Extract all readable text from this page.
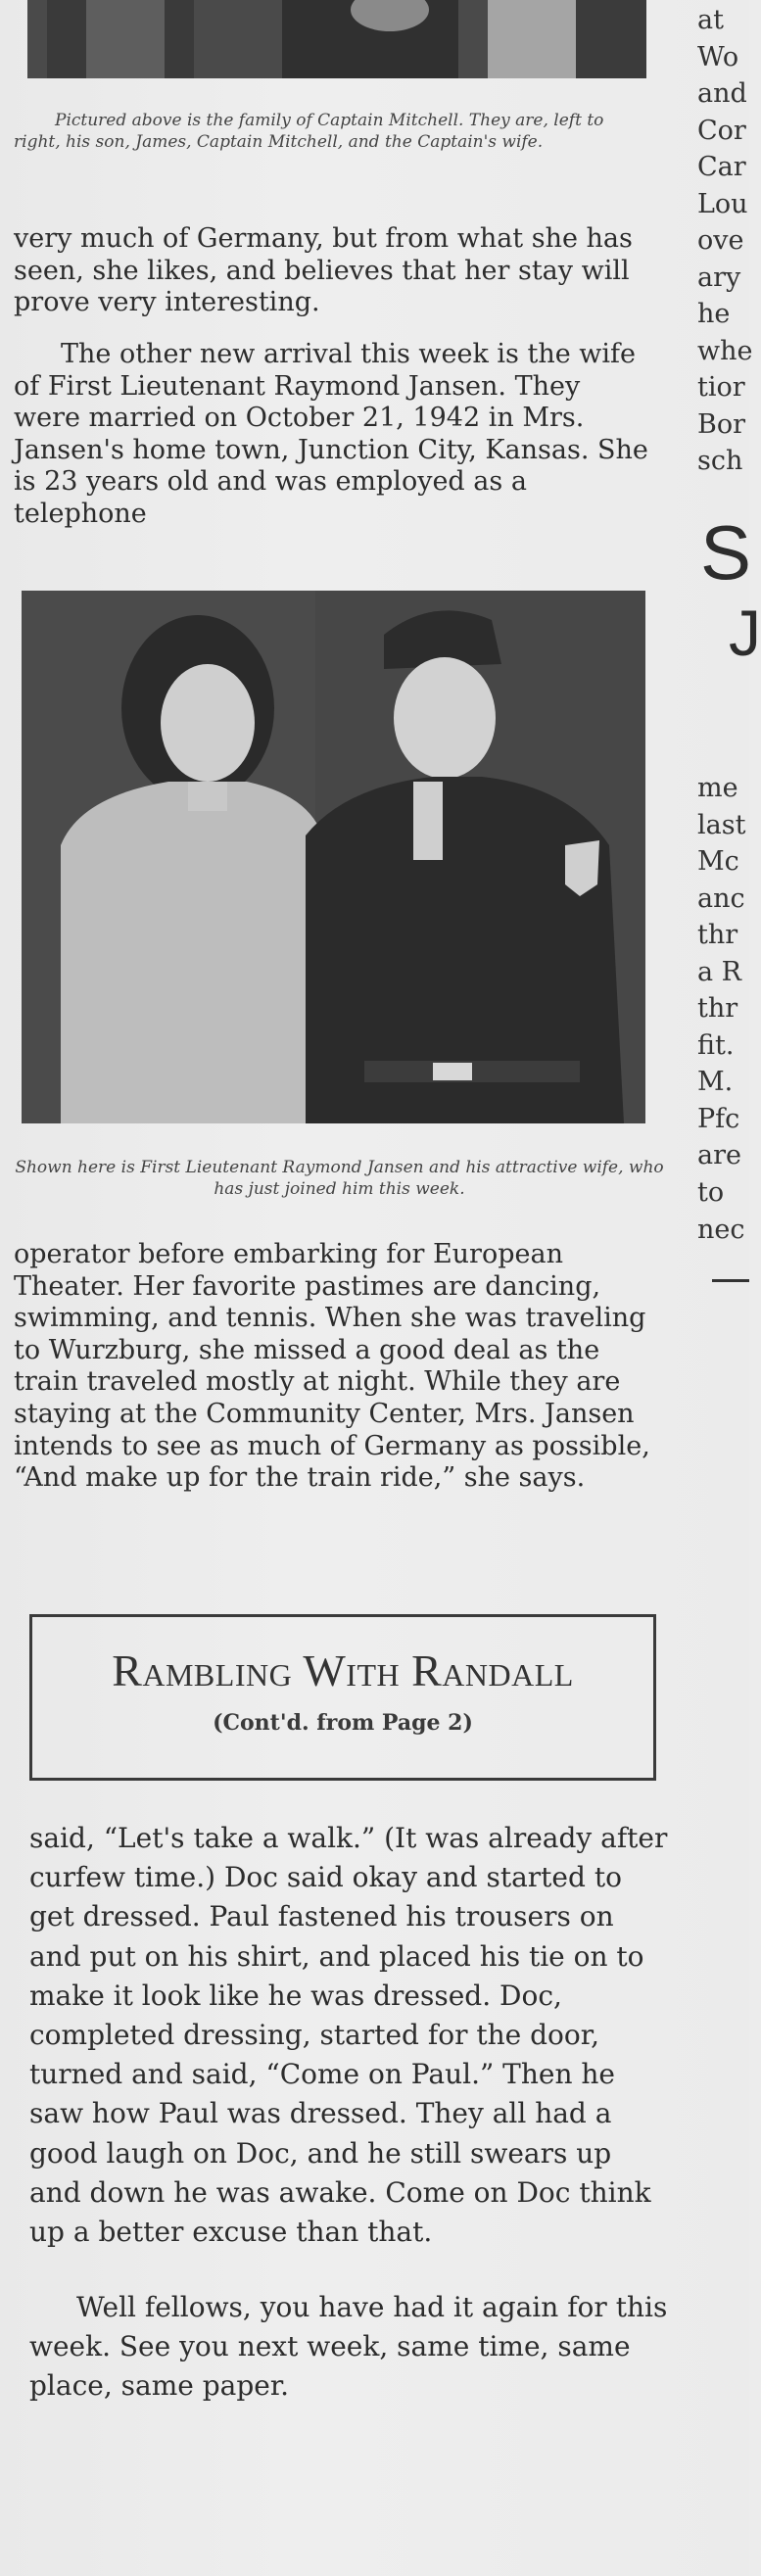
Pictured above is the family of Captain Mitchell. They are, left to right, his son, James, Captain Mitchell, and the Captain's wife.

very much of Germany, but from what she has seen, she likes, and believes that her stay will prove very interesting.

The other new arrival this week is the wife of First Lieutenant Raymond Jansen. They were married on October 21, 1942 in Mrs. Jansen's home town, Junction City, Kansas. She is 23 years old and was employed as a telephone

Shown here is First Lieutenant Raymond Jansen and his attractive wife, who has just joined him this week.

operator before embarking for European Theater. Her favorite pastimes are dancing, swimming, and tennis. When she was traveling to Wurzburg, she missed a good deal as the train traveled mostly at night. While they are staying at the Community Center, Mrs. Jansen intends to see as much of Germany as possible, “And make up for the train ride,” she says.

Rambling With Randall
(Cont'd. from Page 2)

said, “Let's take a walk.” (It was already after curfew time.) Doc said okay and started to get dressed. Paul fastened his trousers on and put on his shirt, and placed his tie on to make it look like he was dressed. Doc, completed dressing, started for the door, turned and said, “Come on Paul.” Then he saw how Paul was dressed. They all had a good laugh on Doc, and he still swears up and down he was awake. Come on Doc think up a better excuse than that.

Well fellows, you have had it again for this week. See you next week, same time, same place, same paper.

at
Wo
and
Cor
Car
Lou
ove
ary
he
whe
tior
Bor
sch
S
J
me
last
Mc
anc
thr
a R
thr
fit.
M.
Pfc
are
to
nec
